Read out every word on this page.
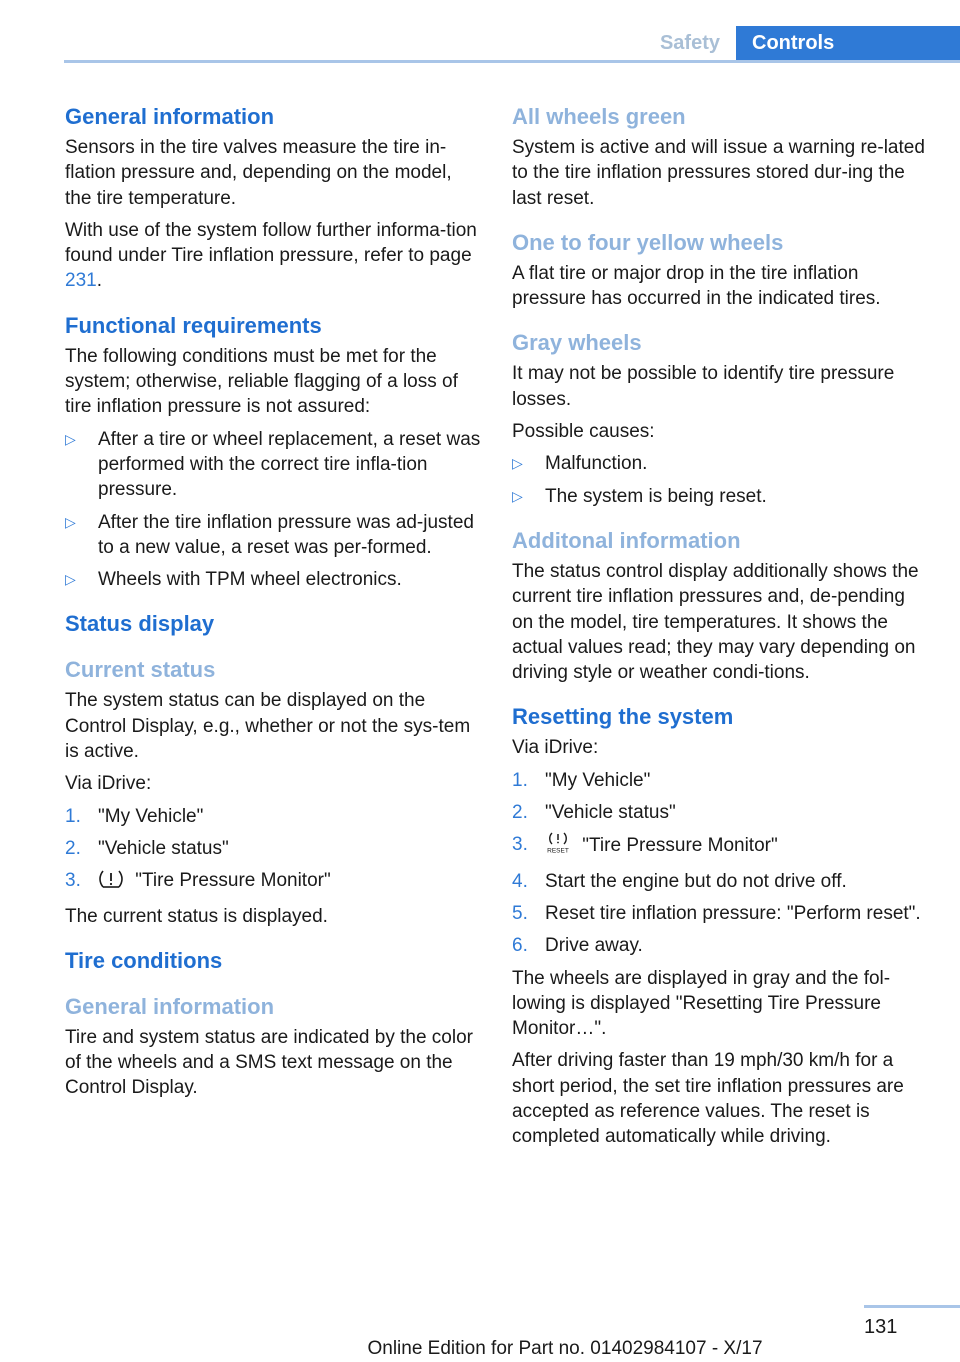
Safety	Controls
General information

Sensors in the tire valves measure the tire in-flation pressure and, depending on the model, the tire temperature.

With use of the system follow further informa-tion found under Tire inflation pressure, refer to page 231.

Functional requirements

The following conditions must be met for the system; otherwise, reliable flagging of a loss of tire inflation pressure is not assured:

▷ After a tire or wheel replacement, a reset was performed with the correct tire infla-tion pressure.
▷ After the tire inflation pressure was ad-justed to a new value, a reset was per-formed.
▷ Wheels with TPM wheel electronics.
Status display
Current status

The system status can be displayed on the Control Display, e.g., whether or not the sys-tem is active.

Via iDrive:

1. "My Vehicle"
2. "Vehicle status"
3.	"Tire Pressure Monitor"

The current status is displayed.

Tire conditions
General information

Tire and system status are indicated by the color of the wheels and a SMS text message on the Control Display.

All wheels green

System is active and will issue a warning re-lated to the tire inflation pressures stored dur-ing the last reset.

One to four yellow wheels

A flat tire or major drop in the tire inflation pressure has occurred in the indicated tires.

Gray wheels

It may not be possible to identify tire pressure losses.

Possible causes:

▷ Malfunction.
▷ The system is being reset.
Additonal information

The status control display additionally shows the current tire inflation pressures and, de-pending on the model, tire temperatures. It shows the actual values read; they may vary depending on driving style or weather condi-tions.

Resetting the system

Via iDrive:

1. "My Vehicle"
2. "Vehicle status"
3.	RESET "Tire Pressure Monitor"
4. Start the engine but do not drive off.
5. Reset tire inflation pressure: "Perform reset".
6. Drive away.

The wheels are displayed in gray and the fol-lowing is displayed "Resetting Tire Pressure Monitor…".

After driving faster than 19 mph/30 km/h for a short period, the set tire inflation pressures are accepted as reference values. The reset is completed automatically while driving.

131
Online Edition for Part no. 01402984107 - X/17
